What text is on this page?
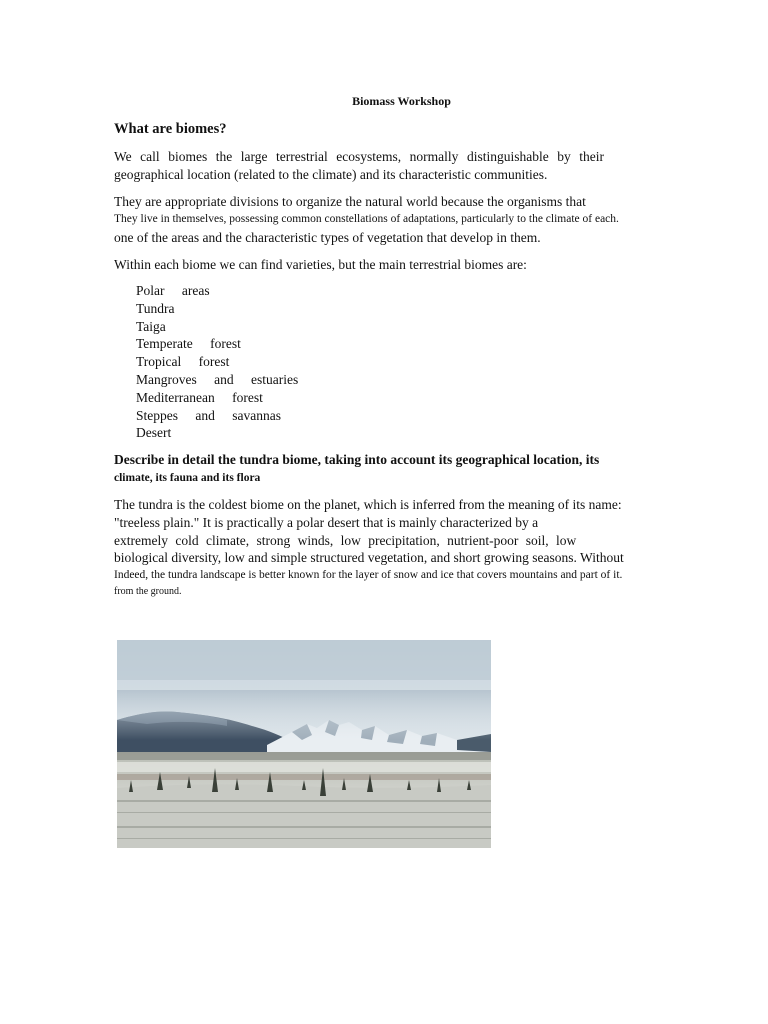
Biomass Workshop
What are biomes?
We call biomes the large terrestrial ecosystems, normally distinguishable by their geographical location (related to the climate) and its characteristic communities.
They are appropriate divisions to organize the natural world because the organisms that
They live in themselves, possessing common constellations of adaptations, particularly to the climate of each.
one of the areas and the characteristic types of vegetation that develop in them.
Within each biome we can find varieties, but the main terrestrial biomes are:
Polar areas
Tundra
Taiga
Temperate forest
Tropical forest
Mangroves and estuaries
Mediterranean forest
Steppes and savannas
Desert
Describe in detail the tundra biome, taking into account its geographical location, its
climate, its fauna and its flora
The tundra is the coldest biome on the planet, which is inferred from the meaning of its name:
"treeless plain." It is practically a polar desert that is mainly characterized by a
extremely cold climate, strong winds, low precipitation, nutrient-poor soil, low
biological diversity, low and simple structured vegetation, and short growing seasons. Without
Indeed, the tundra landscape is better known for the layer of snow and ice that covers mountains and part of it.
from the ground.
